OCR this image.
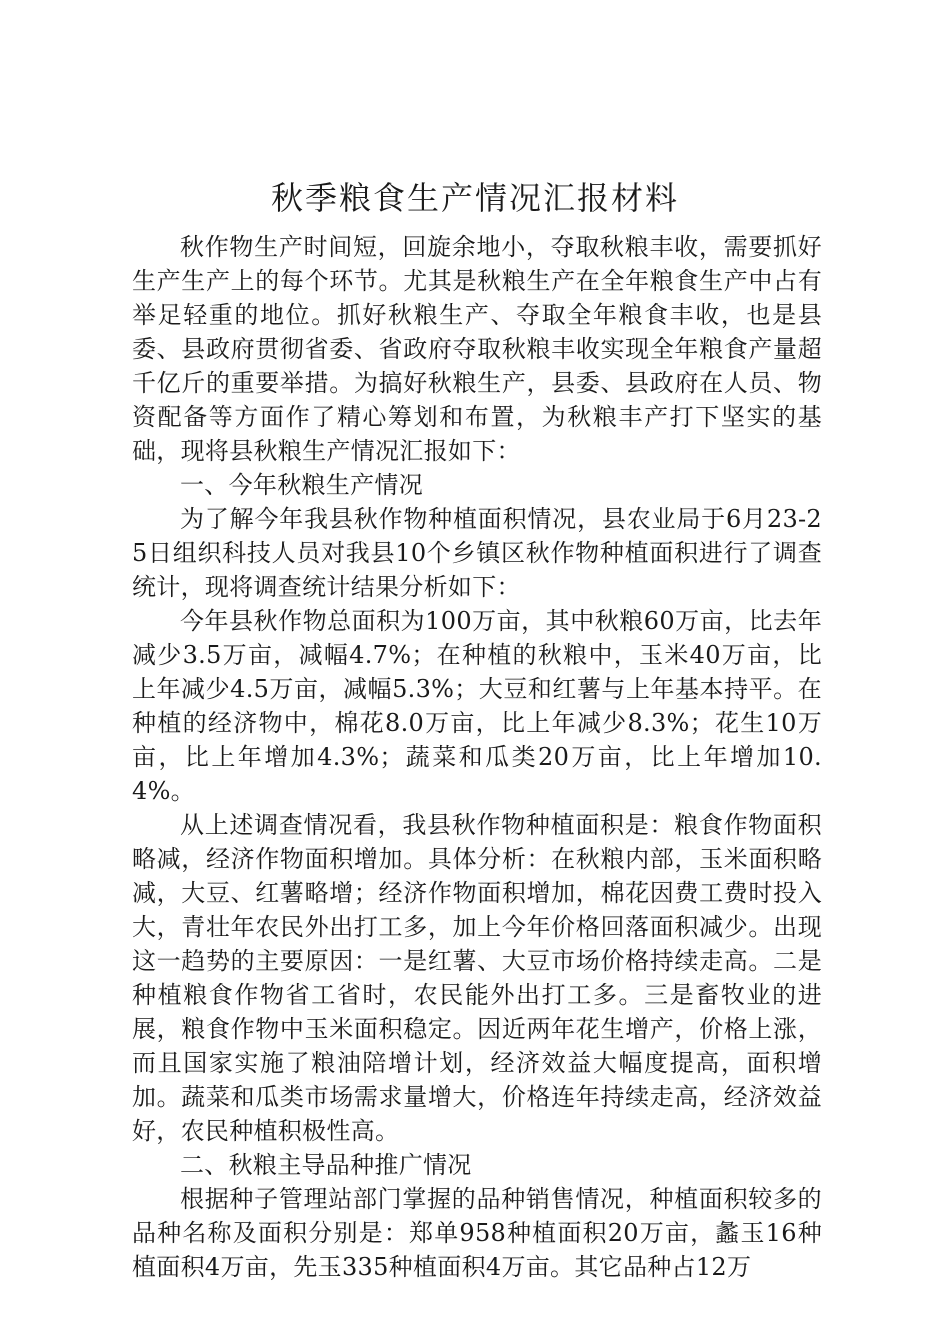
秋季粮食生产情况汇报材料

秋作物生产时间短，回旋余地小，夺取秋粮丰收，需要抓好生产生产上的每个环节。尤其是秋粮生产在全年粮食生产中占有举足轻重的地位。抓好秋粮生产、夺取全年粮食丰收，也是县委、县政府贯彻省委、省政府夺取秋粮丰收实现全年粮食产量超千亿斤的重要举措。为搞好秋粮生产，县委、县政府在人员、物资配备等方面作了精心筹划和布置，为秋粮丰产打下坚实的基础，现将县秋粮生产情况汇报如下：

一、今年秋粮生产情况

为了解今年我县秋作物种植面积情况，县农业局于6月23-25日组织科技人员对我县10个乡镇区秋作物种植面积进行了调查统计，现将调查统计结果分析如下：

今年县秋作物总面积为100万亩，其中秋粮60万亩，比去年减少3.5万亩，减幅4.7%；在种植的秋粮中，玉米40万亩，比上年减少4.5万亩，减幅5.3%；大豆和红薯与上年基本持平。在种植的经济物中，棉花8.0万亩，比上年减少8.3%；花生10万亩，比上年增加4.3%；蔬菜和瓜类20万亩，比上年增加10.4%。

从上述调查情况看，我县秋作物种植面积是：粮食作物面积略减，经济作物面积增加。具体分析：在秋粮内部，玉米面积略减，大豆、红薯略增；经济作物面积增加，棉花因费工费时投入大，青壮年农民外出打工多，加上今年价格回落面积减少。出现这一趋势的主要原因：一是红薯、大豆市场价格持续走高。二是种植粮食作物省工省时，农民能外出打工多。三是畜牧业的进展，粮食作物中玉米面积稳定。因近两年花生增产，价格上涨，而且国家实施了粮油陪增计划，经济效益大幅度提高，面积增加。蔬菜和瓜类市场需求量增大，价格连年持续走高，经济效益好，农民种植积极性高。

二、秋粮主导品种推广情况

根据种子管理站部门掌握的品种销售情况，种植面积较多的品种名称及面积分别是：郑单958种植面积20万亩，蠡玉16种植面积4万亩，先玉335种植面积4万亩。其它品种占12万
